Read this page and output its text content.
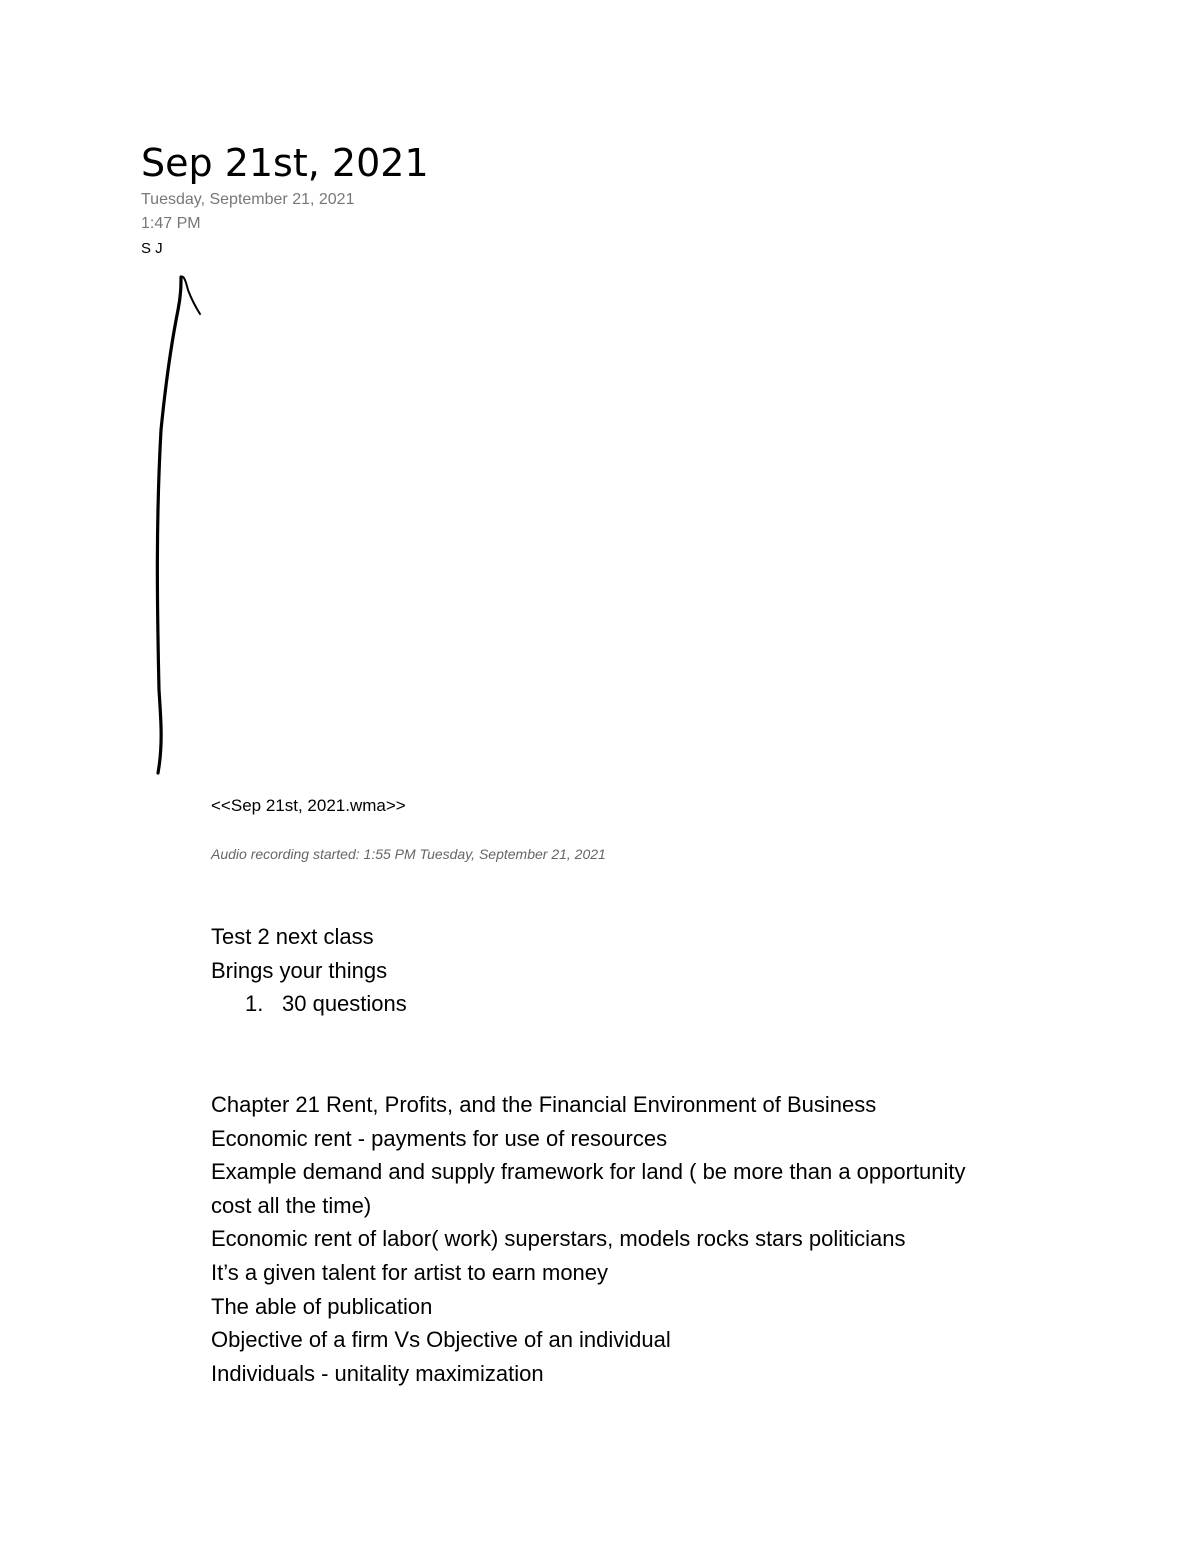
Sep 21st, 2021
Tuesday, September 21, 2021
1:47 PM
S J
<<Sep 21st, 2021.wma>>
Audio recording started: 1:55 PM Tuesday, September 21, 2021
Test 2 next class
Brings your things
1. 30 questions
Chapter 21 Rent, Profits, and the Financial Environment of Business
Economic rent - payments for use of resources
Example demand and supply framework for land ( be more than a opportunity cost all the time)
Economic rent of labor( work) superstars, models rocks stars politicians
It’s a given talent for artist to earn money
The able of publication
Objective of a firm Vs Objective of an individual
Individuals - unitality maximization
